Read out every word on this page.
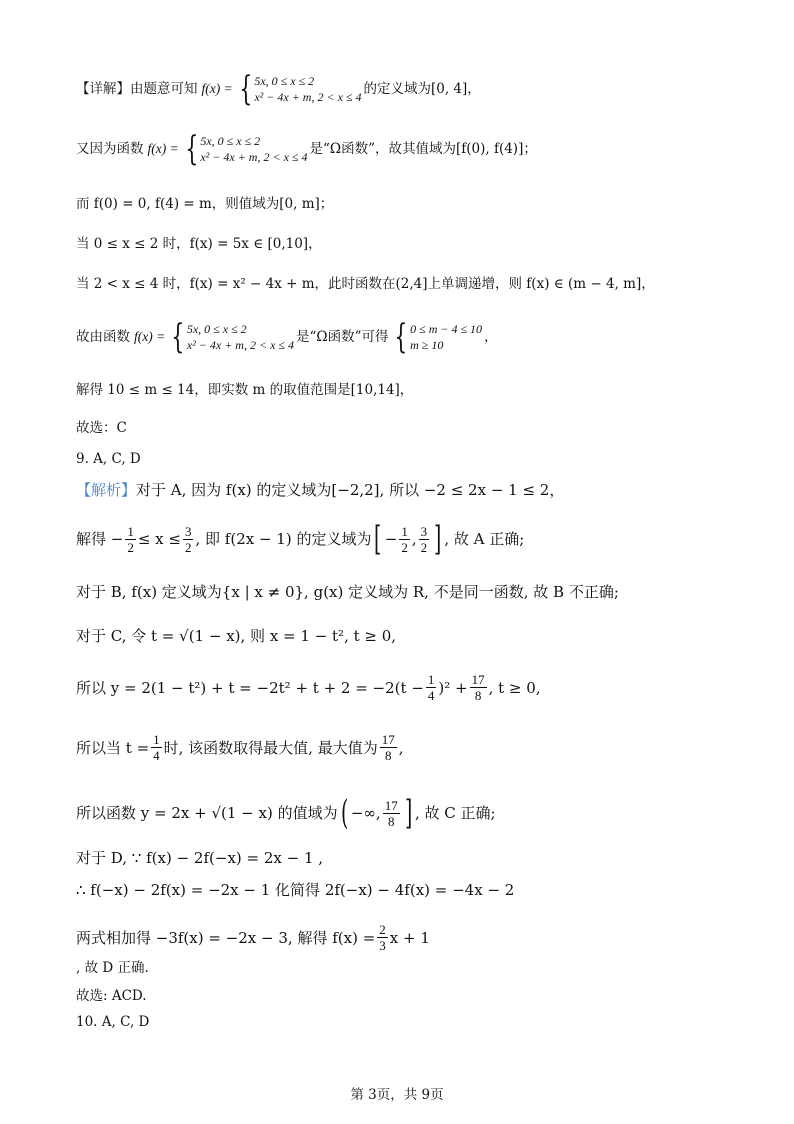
【详解】 由题意可知 f(x) = { 5x, 0 ≤ x ≤ 2
x² − 4x + m, 2 < x ≤ 4 的定义域为[0, 4]，
又因为函数 f(x) = { 5x, 0 ≤ x ≤ 2
x² − 4x + m, 2 < x ≤ 4 是“Ω函数”，故其值域为[f(0), f(4)]；
而 f(0) = 0, f(4) = m，则值域为[0, m]；
当 0 ≤ x ≤ 2 时，f(x) = 5x ∈ [0,10]，
当 2 < x ≤ 4 时，f(x) = x² − 4x + m，此时函数在(2,4]上单调递增，则 f(x) ∈ (m − 4, m]，
故由函数 f(x) = { 5x, 0 ≤ x ≤ 2
x² − 4x + m, 2 < x ≤ 4 是“Ω函数”可得 { 0 ≤ m − 4 ≤ 10
m ≥ 10	，
解得 10 ≤ m ≤ 14，即实数 m 的取值范围是[10,14]，
故选：C
9. A, C, D
【解析】 对于 A, 因为 f(x) 的定义域为[−2,2], 所以 −2 ≤ 2x − 1 ≤ 2，
解得 − $\frac{1}{2} \le x \le \frac{3}{2}$ , 即 f(2x − 1) 的定义域为 [ − $\frac{1}{2}$ , $\frac{3}{2}$ ] , 故 A 正确;
对于 B, f(x) 定义域为{x | x ≠ 0}, g(x) 定义域为 R, 不是同一函数, 故 B 不正确;
对于 C, 令 t = √(1 − x), 则 x = 1 − t², t ≥ 0,
所以 $y = 2(1 - t^2) + t = -2t^2 + t + 2 = -2(t - \frac{1}{4} )^2 + \frac{17}{8}$ , t ≥ 0,
所以当 $t = \frac{1}{4}$ 时, 该函数取得最大值, 最大值为 $\frac{17}{8}$ ,
所以函数 y = 2x + √(1 − x) 的值域为 ( −∞, $\frac{17}{8}$ ] , 故 C 正确;
对于 D, ∵ f(x) − 2f(−x) = 2x − 1 ,
∴ f(−x) − 2f(x) = −2x − 1 化简得 2f(−x) − 4f(x) = −4x − 2
两式相加得 −3f(x) = −2x − 3, 解得 $f(x) = \frac{2}{3}$ x + 1
, 故 D 正确.
故选: ACD.
10. A, C, D
第 3页，共 9页
